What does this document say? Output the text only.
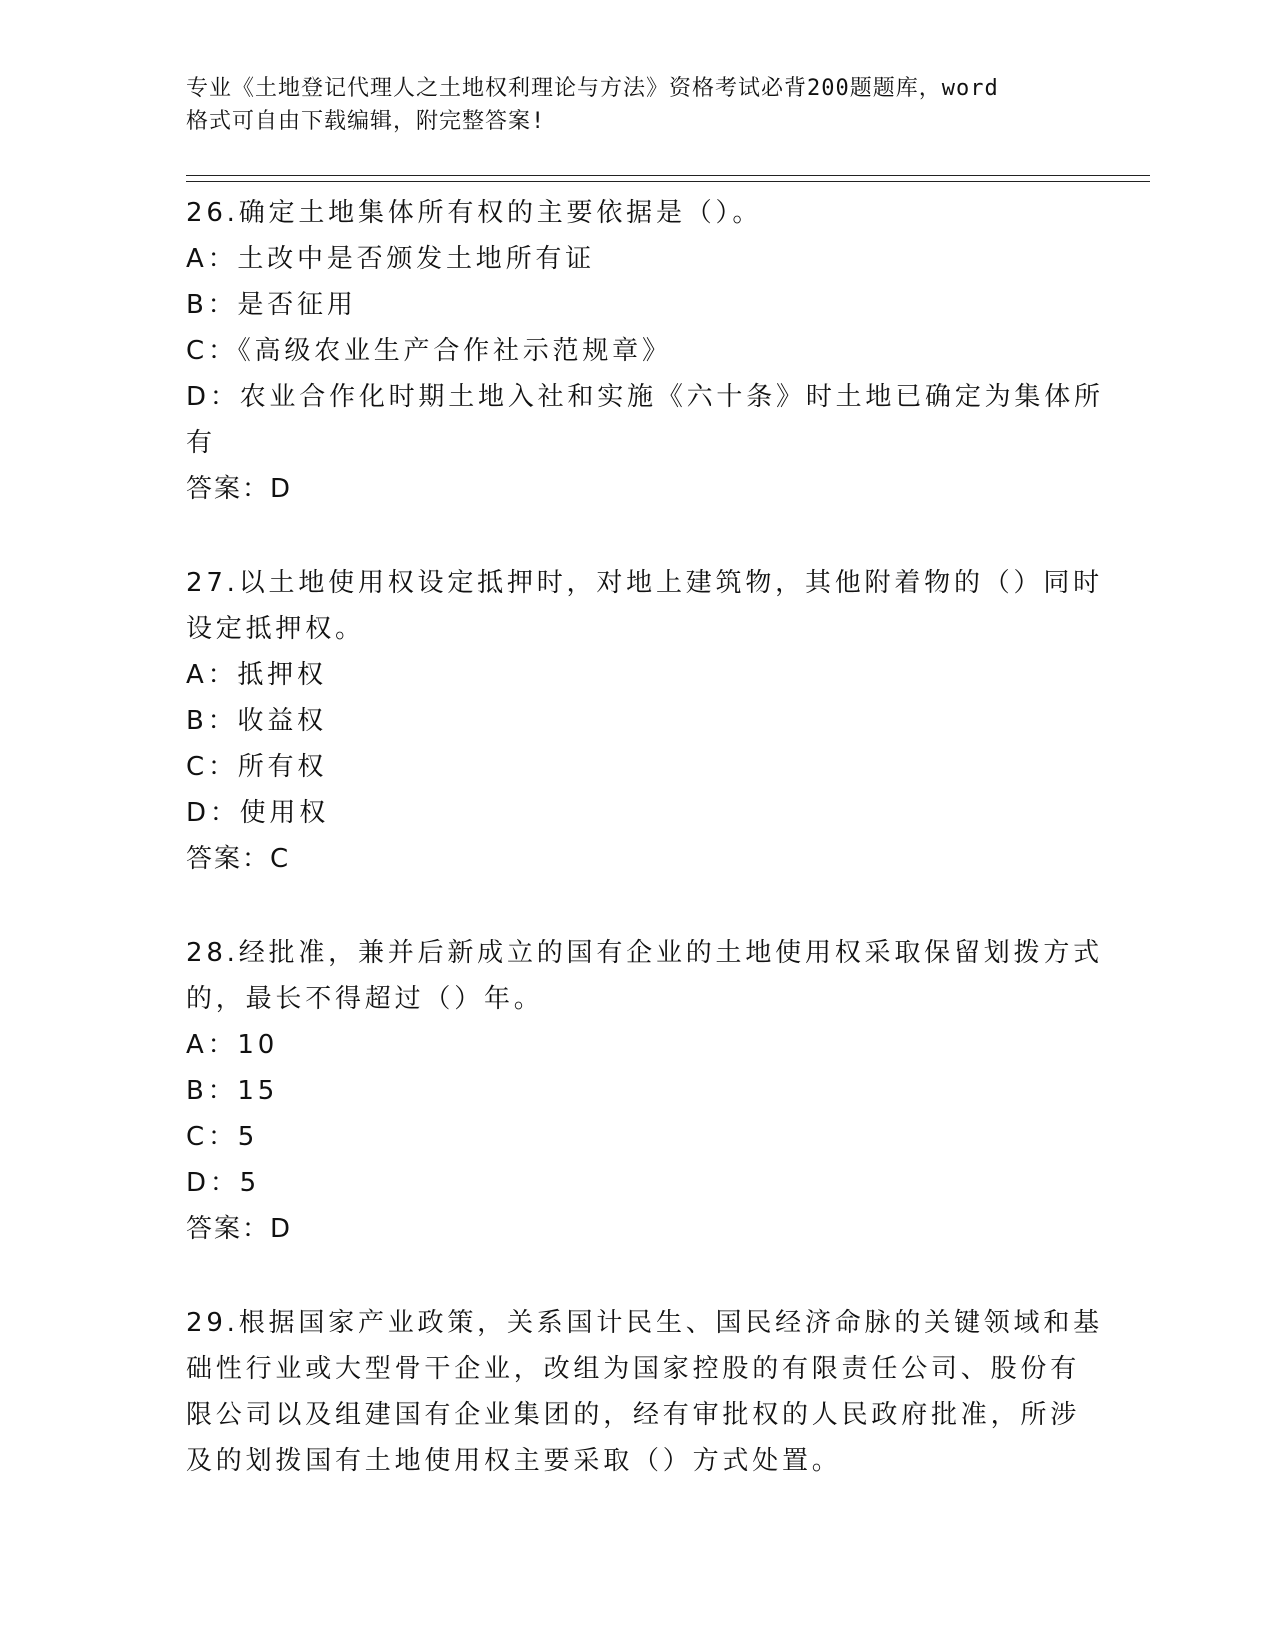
专业《土地登记代理人之土地权利理论与方法》资格考试必背200题题库，word
格式可自由下载编辑，附完整答案!
26.确定土地集体所有权的主要依据是（）。
A：土改中是否颁发土地所有证
B：是否征用
C：《高级农业生产合作社示范规章》
D：农业合作化时期土地入社和实施《六十条》时土地已确定为集体所
有
答案：D
27.以土地使用权设定抵押时，对地上建筑物，其他附着物的（）同时
设定抵押权。
A：抵押权
B：收益权
C：所有权
D：使用权
答案：C
28.经批准，兼并后新成立的国有企业的土地使用权采取保留划拨方式
的，最长不得超过（）年。
A：10
B：15
C：5
D：5
答案：D
29.根据国家产业政策，关系国计民生、国民经济命脉的关键领域和基
础性行业或大型骨干企业，改组为国家控股的有限责任公司、股份有
限公司以及组建国有企业集团的，经有审批权的人民政府批准，所涉
及的划拨国有土地使用权主要采取（）方式处置。
